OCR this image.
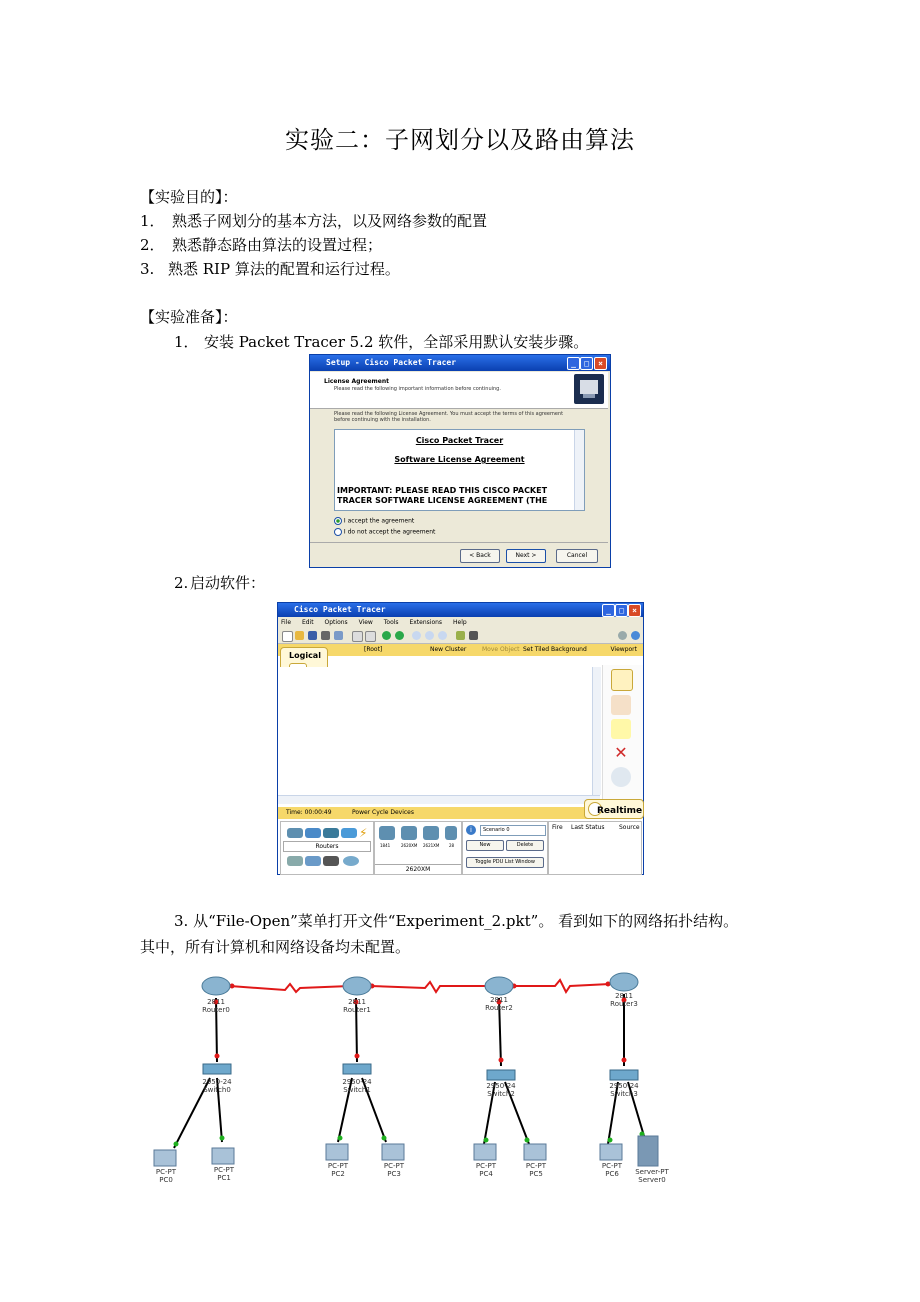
实验二：子网划分以及路由算法
【实验目的】：
1． 熟悉子网划分的基本方法，以及网络参数的配置
2． 熟悉静态路由算法的设置过程；
3. 熟悉 RIP 算法的配置和运行过程。
【实验准备】：
1． 安装 Packet Tracer 5.2 软件，全部采用默认安装步骤。
Setup - Cisco Packet Tracer	_	□	×
License Agreement
Please read the following important information before continuing.
Please read the following License Agreement. You must accept the terms of this agreement before continuing with the installation.
Cisco Packet Tracer
Software License Agreement
IMPORTANT: PLEASE READ THIS CISCO PACKET TRACER SOFTWARE LICENSE AGREEMENT (THE
I accept the agreement
I do not accept the agreement
< Back	Next >	Cancel
2. 启动软件：
Cisco Packet Tracer	_	□	×
File Edit Options View Tools Extensions Help
[Root]	New Cluster	Move Object Set Tiled Background	Viewport
Logical
✕
Time: 00:00:49	Power Cycle Devices	Realtime
⚡
Routers	1841	2620XM 2621XM 28
2620XM
i	Scenario 0
New	Delete
Toggle PDU List Window
Fire Last Status Source
3. 从“File-Open”菜单打开文件“Experiment_2.pkt”。 看到如下的网络拓扑结构。
其中，所有计算机和网络设备均未配置。
2811
Router0
2811
Router1
2811
Router2
2811
Router3
2950-24
Switch0
2950-24
Switch1	2950-24
Switch2
2950-24
Switch3
PC-PT
PC0
PC-PT
PC1
PC-PT
PC2
PC-PT
PC3
PC-PT
PC4
PC-PT
PC5
PC-PT
PC6	Server-PT
Server0
